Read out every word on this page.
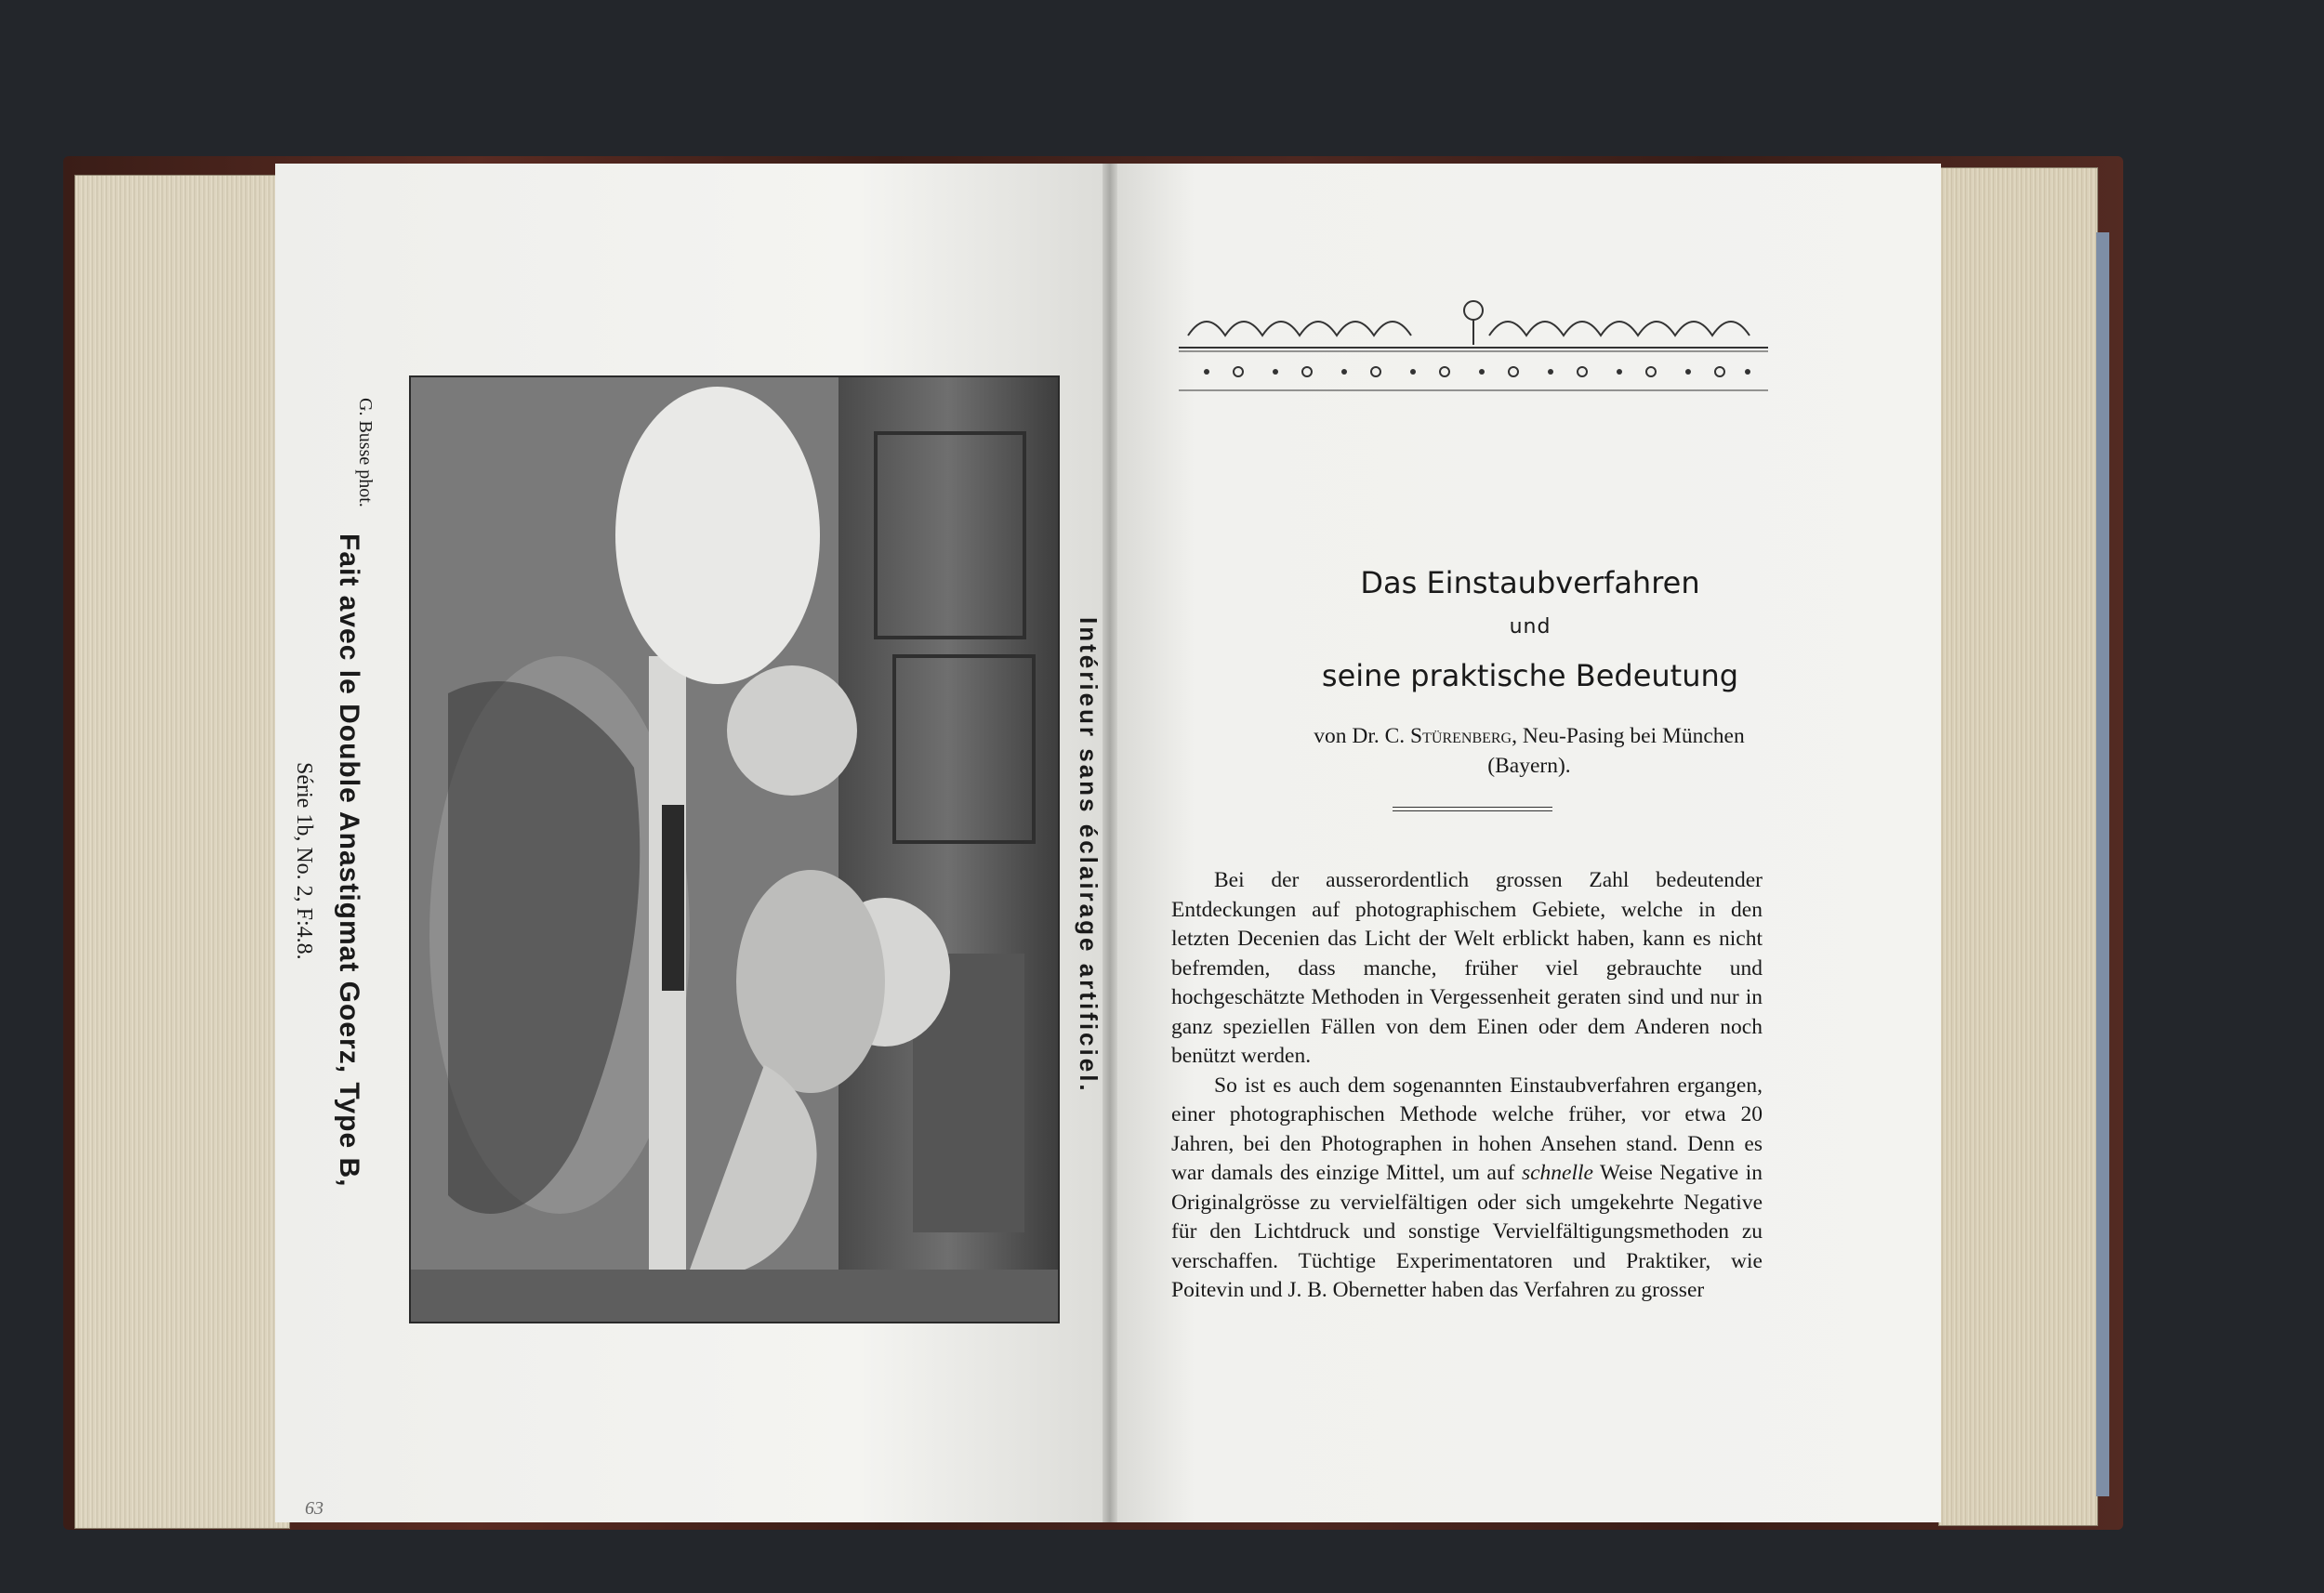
G. Busse phot.
Fait avec le Double Anastigmat Goerz, Type B,
Série 1b, No. 2, F:4.8.	Intérieur sans éclairage artificiel.
63
Das Einstaubverfahren
und
seine praktische Bedeutung
von Dr. C. Stürenberg, Neu-Pasing bei München
(Bayern).

Bei der ausserordentlich grossen Zahl bedeutender Entdeckungen auf photographischem Gebiete, welche in den letzten Decenien das Licht der Welt erblickt haben, kann es nicht befremden, dass manche, früher viel gebrauchte und hochgeschätzte Methoden in Vergessenheit geraten sind und nur in ganz speziellen Fällen von dem Einen oder dem Anderen noch benützt werden.

So ist es auch dem sogenannten Einstaubverfahren ergangen, einer photographischen Methode welche früher, vor etwa 20 Jahren, bei den Photographen in hohen Ansehen stand. Denn es war damals des einzige Mittel, um auf schnelle Weise Negative in Originalgrösse zu vervielfältigen oder sich umgekehrte Negative für den Lichtdruck und sonstige Vervielfältigungsmethoden zu verschaffen. Tüchtige Experimentatoren und Praktiker, wie Poitevin und J. B. Obernetter haben das Verfahren zu grosser
